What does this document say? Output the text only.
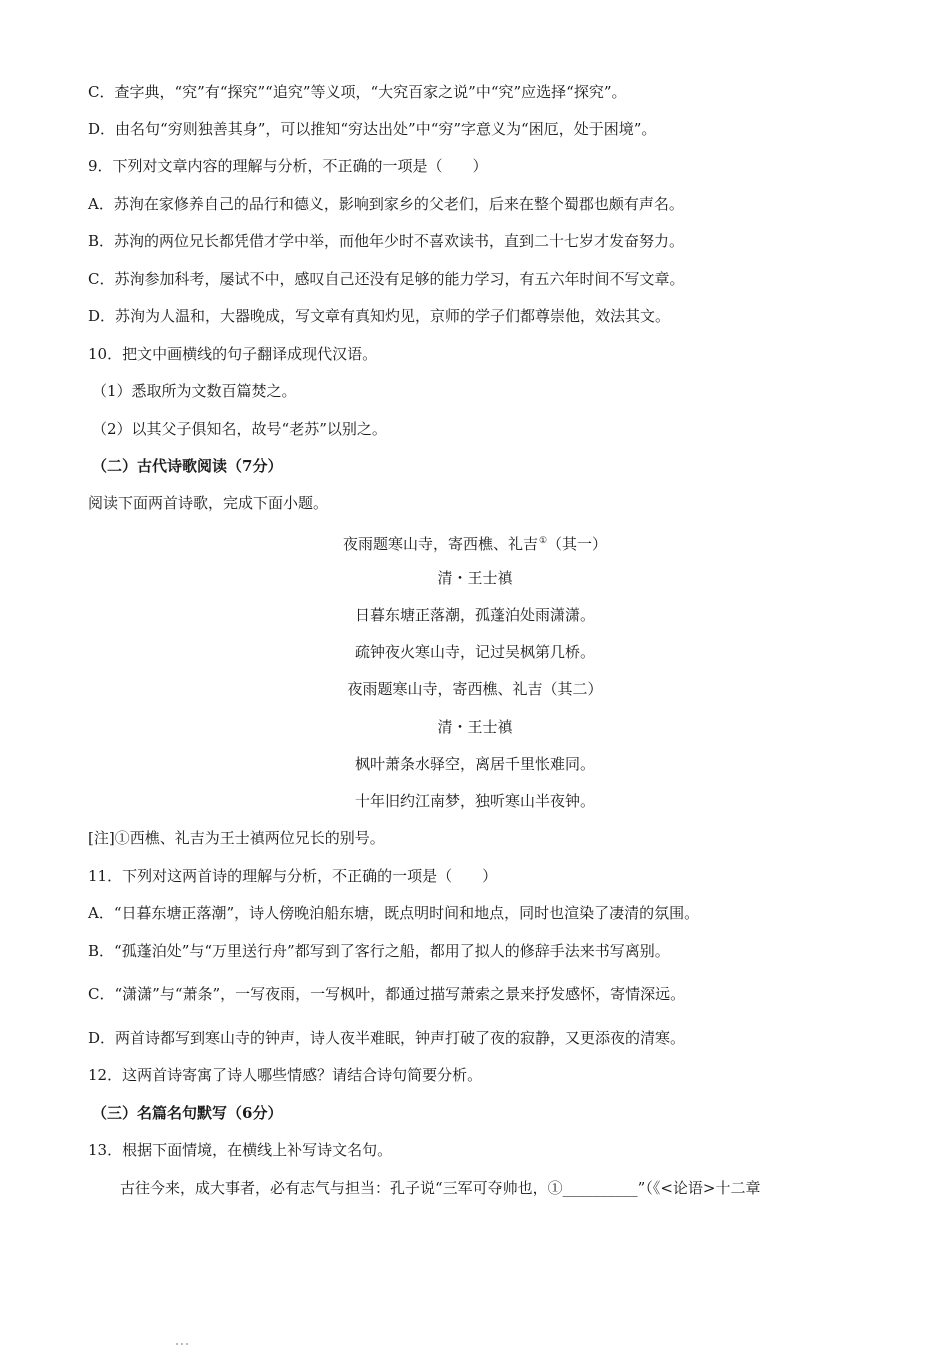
C．查字典，“究”有“探究”“追究”等义项，“大究百家之说”中“究”应选择“探究”。
D．由名句“穷则独善其身”，可以推知“穷达出处”中“穷”字意义为“困厄，处于困境”。
9．下列对文章内容的理解与分析，不正确的一项是（　　）
A．苏洵在家修养自己的品行和德义，影响到家乡的父老们，后来在整个蜀郡也颇有声名。
B．苏洵的两位兄长都凭借才学中举，而他年少时不喜欢读书，直到二十七岁才发奋努力。
C．苏洵参加科考，屡试不中，感叹自己还没有足够的能力学习，有五六年时间不写文章。
D．苏洵为人温和，大器晚成，写文章有真知灼见，京师的学子们都尊崇他，效法其文。
10．把文中画横线的句子翻译成现代汉语。
（1）悉取所为文数百篇焚之。
（2）以其父子俱知名，故号“老苏”以别之。
（二）古代诗歌阅读（7分）
阅读下面两首诗歌，完成下面小题。
夜雨题寒山寺，寄西樵、礼吉①（其一）
清・王士禛
日暮东塘正落潮，孤蓬泊处雨潇潇。
疏钟夜火寒山寺，记过吴枫第几桥。
夜雨题寒山寺，寄西樵、礼吉（其二）
清・王士禛
枫叶萧条水驿空，离居千里怅难同。
十年旧约江南梦，独听寒山半夜钟。
[注]①西樵、礼吉为王士禛两位兄长的别号。
11．下列对这两首诗的理解与分析，不正确的一项是（　　）
A．“日暮东塘正落潮”，诗人傍晚泊船东塘，既点明时间和地点，同时也渲染了凄清的氛围。
B．“孤蓬泊处”与“万里送行舟”都写到了客行之船，都用了拟人的修辞手法来书写离别。
C．“潇潇”与“萧条”，一写夜雨，一写枫叶，都通过描写萧索之景来抒发感怀，寄情深远。
D．两首诗都写到寒山寺的钟声，诗人夜半难眠，钟声打破了夜的寂静，又更添夜的清寒。
12．这两首诗寄寓了诗人哪些情感？请结合诗句简要分析。
（三）名篇名句默写（6分）
13．根据下面情境，在横线上补写诗文名句。
古往今来，成大事者，必有志气与担当：孔子说“三军可夺帅也，①__________”（《<论语>十二章
